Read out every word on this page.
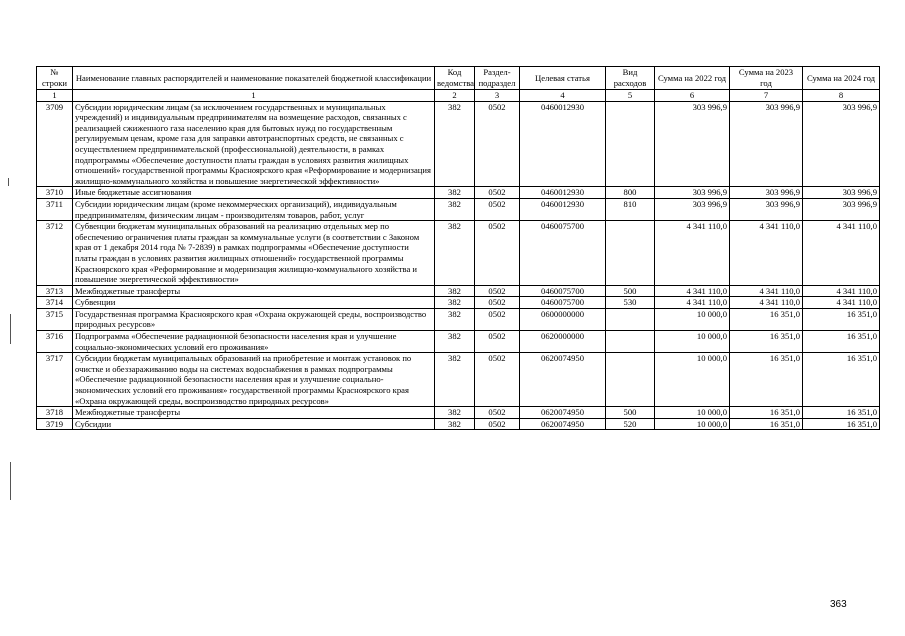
№ строки	Наименование главных распорядителей и наименование показателей бюджетной классификации	Код ведомства	Раздел-подраздел	Целевая статья	Вид расходов	Сумма на 2022 год	Сумма на 2023 год	Сумма на 2024 год
1	1	2	3	4	5	6	7	8
3709	Субсидии юридическим лицам (за исключением государственных и муниципальных учреждений) и индивидуальным предпринимателям на возмещение расходов, связанных с реализацией сжиженного газа населению края для бытовых нужд по государственным регулируемым ценам, кроме газа для заправки автотранспортных средств, не связанных с осуществлением предпринимательской (профессиональной) деятельности, в рамках подпрограммы «Обеспечение доступности платы граждан в условиях развития жилищных отношений» государственной программы Красноярского края «Реформирование и модернизация жилищно-коммунального хозяйства и повышение энергетической эффективности»	382	0502	0460012930		303 996,9	303 996,9	303 996,9
3710	Иные бюджетные ассигнования	382	0502	0460012930	800	303 996,9	303 996,9	303 996,9
3711	Субсидии юридическим лицам (кроме некоммерческих организаций), индивидуальным предпринимателям, физическим лицам - производителям товаров, работ, услуг	382	0502	0460012930	810	303 996,9	303 996,9	303 996,9
3712	Субвенции бюджетам муниципальных образований на реализацию отдельных мер по обеспечению ограничения платы граждан за коммунальные услуги (в соответствии с Законом края от 1 декабря 2014 года № 7-2839) в рамках подпрограммы «Обеспечение доступности платы граждан в условиях развития жилищных отношений» государственной программы Красноярского края «Реформирование и модернизация жилищно-коммунального хозяйства и повышение энергетической эффективности»	382	0502	0460075700		4 341 110,0	4 341 110,0	4 341 110,0
3713	Межбюджетные трансферты	382	0502	0460075700	500	4 341 110,0	4 341 110,0	4 341 110,0
3714	Субвенции	382	0502	0460075700	530	4 341 110,0	4 341 110,0	4 341 110,0
3715	Государственная программа Красноярского края «Охрана окружающей среды, воспроизводство природных ресурсов»	382	0502	0600000000		10 000,0	16 351,0	16 351,0
3716	Подпрограмма «Обеспечение радиационной безопасности населения края и улучшение социально-экономических условий его проживания»	382	0502	0620000000		10 000,0	16 351,0	16 351,0
3717	Субсидии бюджетам муниципальных образований на приобретение и монтаж установок по очистке и обеззараживанию воды на системах водоснабжения в рамках подпрограммы «Обеспечение радиационной безопасности населения края и улучшение социально-экономических условий его проживания» государственной программы Красноярского края «Охрана окружающей среды, воспроизводство природных ресурсов»	382	0502	0620074950		10 000,0	16 351,0	16 351,0
3718	Межбюджетные трансферты	382	0502	0620074950	500	10 000,0	16 351,0	16 351,0
3719	Субсидии	382	0502	0620074950	520	10 000,0	16 351,0	16 351,0
363
